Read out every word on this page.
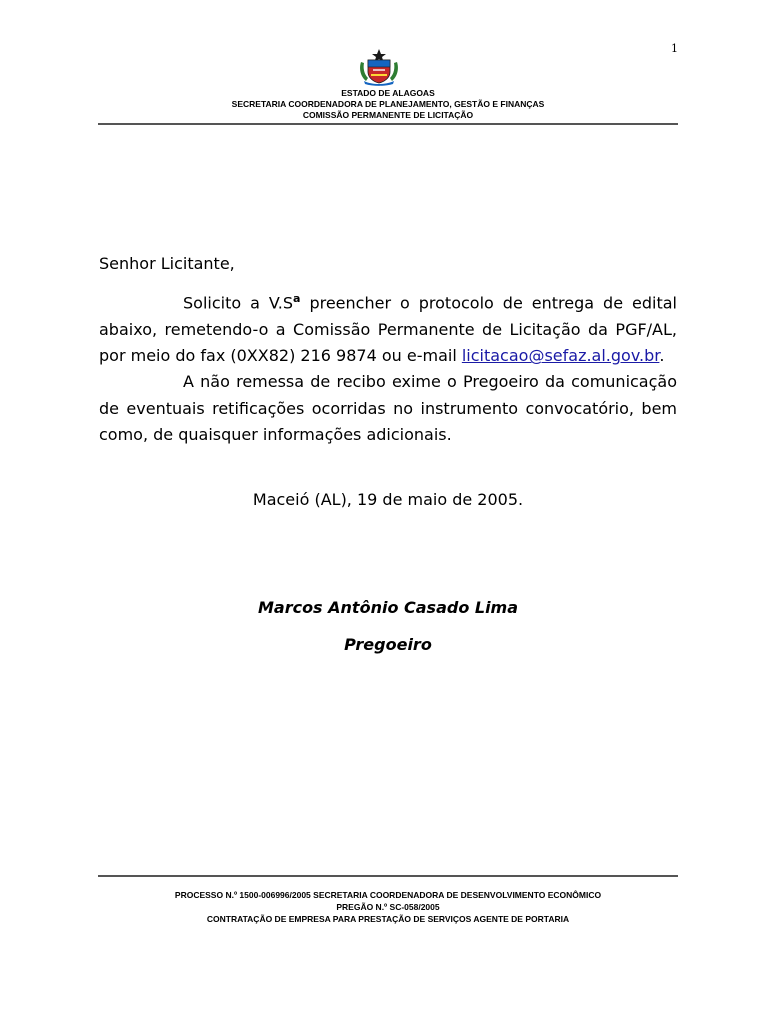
1
ESTADO DE ALAGOAS
SECRETARIA COORDENADORA DE PLANEJAMENTO, GESTÃO E FINANÇAS
COMISSÃO PERMANENTE DE LICITAÇÃO
Senhor Licitante,

Solicito a $V.S^a$ preencher o protocolo de entrega de edital abaixo, remetendo-o a Comissão Permanente de Licitação da PGF/AL, por meio do fax (0XX82) 216 9874 ou e-mail licitacao@sefaz.al.gov.br.

A não remessa de recibo exime o Pregoeiro da comunicação de eventuais retificações ocorridas no instrumento convocatório, bem como, de quaisquer informações adicionais.

Maceió (AL), 19 de maio de 2005.
Marcos Antônio Casado Lima
Pregoeiro
PROCESSO N.º 1500-006996/2005 SECRETARIA COORDENADORA DE DESENVOLVIMENTO ECONÔMICO
PREGÃO N.º SC-058/2005
CONTRATAÇÃO DE EMPRESA PARA PRESTAÇÃO DE SERVIÇOS AGENTE DE PORTARIA
